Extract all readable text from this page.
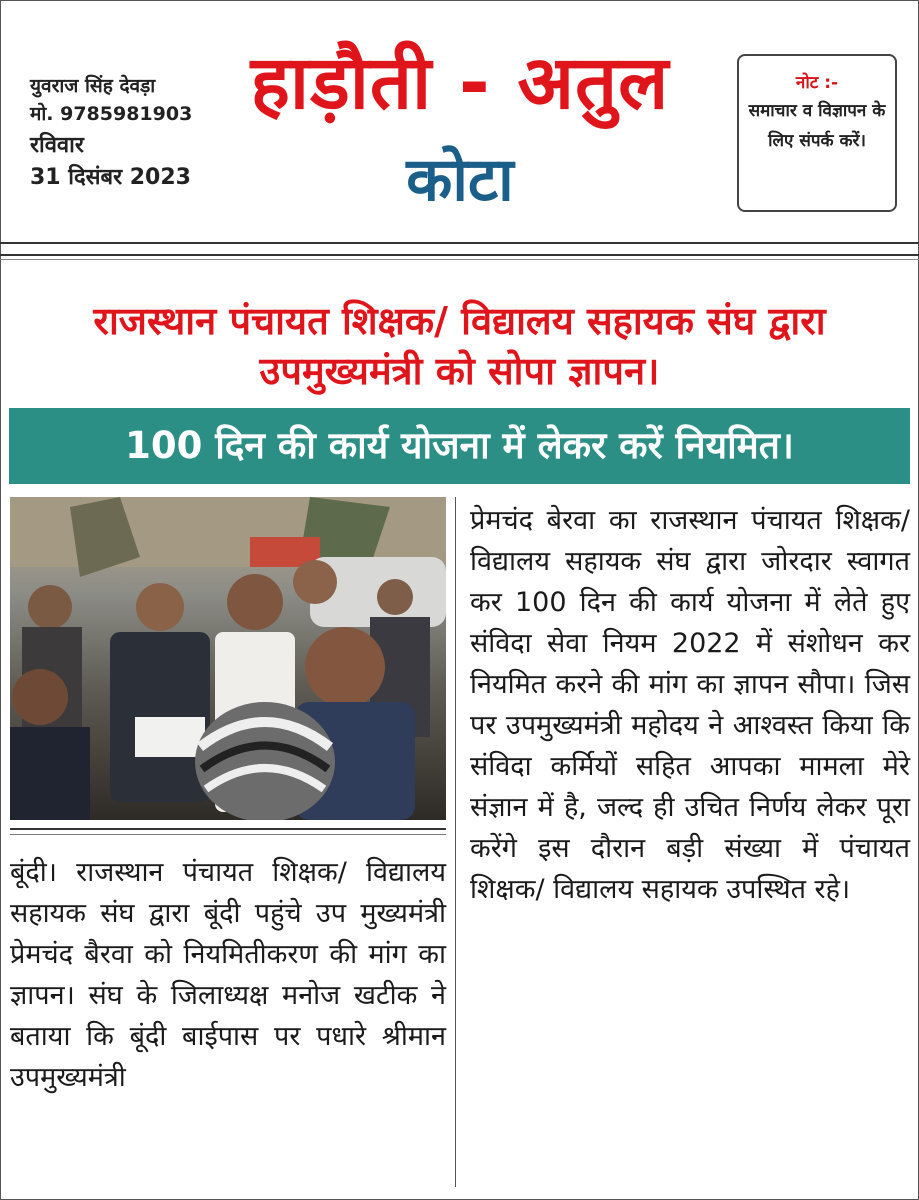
युवराज सिंह देवड़ा
मो. 9785981903
रविवार
31 दिसंबर 2023
हाड़ौती - अतुल
कोटा
नोट :-
समाचार व विज्ञापन के लिए संपर्क करें।
राजस्थान पंचायत शिक्षक/ विद्यालय सहायक संघ द्वारा उपमुख्यमंत्री को सोपा ज्ञापन।
100 दिन की कार्य योजना में लेकर करें नियमित।

बूंदी। राजस्थान पंचायत शिक्षक/ विद्यालय सहायक संघ द्वारा बूंदी पहुंचे उप मुख्यमंत्री प्रेमचंद बैरवा को नियमितीकरण की मांग का ज्ञापन। संघ के जिलाध्यक्ष मनोज खटीक ने बताया कि बूंदी बाईपास पर पधारे श्रीमान उपमुख्यमंत्री

प्रेमचंद बेरवा का राजस्थान पंचायत शिक्षक/ विद्यालय सहायक संघ द्वारा जोरदार स्वागत कर 100 दिन की कार्य योजना में लेते हुए संविदा सेवा नियम 2022 में संशोधन कर नियमित करने की मांग का ज्ञापन सौपा। जिस पर उपमुख्यमंत्री महोदय ने आश्वस्त किया कि संविदा कर्मियों सहित आपका मामला मेरे संज्ञान में है, जल्द ही उचित निर्णय लेकर पूरा करेंगे इस दौरान बड़ी संख्या में पंचायत शिक्षक/ विद्यालय सहायक उपस्थित रहे।
